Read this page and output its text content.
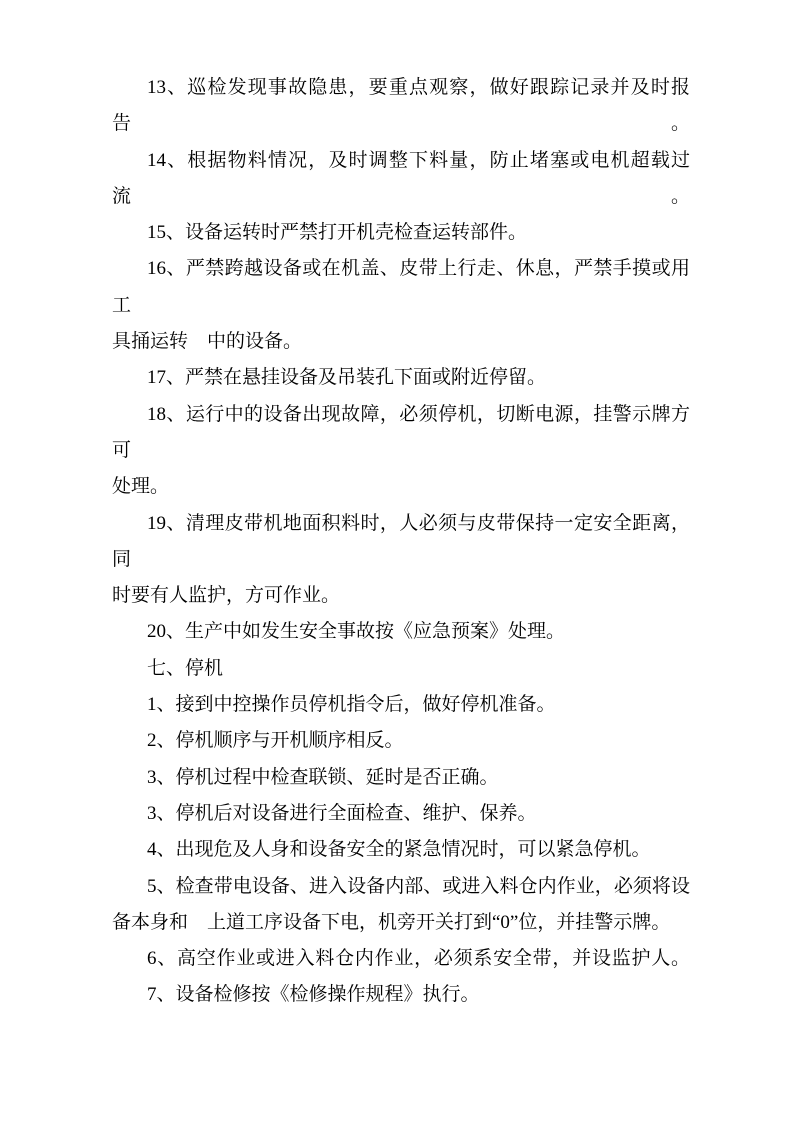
13、巡检发现事故隐患，要重点观察，做好跟踪记录并及时报告。
14、根据物料情况，及时调整下料量，防止堵塞或电机超载过流。
15、设备运转时严禁打开机壳检查运转部件。
16、严禁跨越设备或在机盖、皮带上行走、休息，严禁手摸或用工
具捅运转　中的设备。
17、严禁在悬挂设备及吊装孔下面或附近停留。
18、运行中的设备出现故障，必须停机，切断电源，挂警示牌方可
处理。
19、清理皮带机地面积料时，人必须与皮带保持一定安全距离，同
时要有人监护，方可作业。
20、生产中如发生安全事故按《应急预案》处理。
七、停机
1、接到中控操作员停机指令后，做好停机准备。
2、停机顺序与开机顺序相反。
3、停机过程中检查联锁、延时是否正确。
3、停机后对设备进行全面检查、维护、保养。
4、出现危及人身和设备安全的紧急情况时，可以紧急停机。
5、检查带电设备、进入设备内部、或进入料仓内作业，必须将设
备本身和　上道工序设备下电，机旁开关打到“0”位，并挂警示牌。
6、高空作业或进入料仓内作业，必须系安全带，并设监护人。
7、设备检修按《检修操作规程》执行。
